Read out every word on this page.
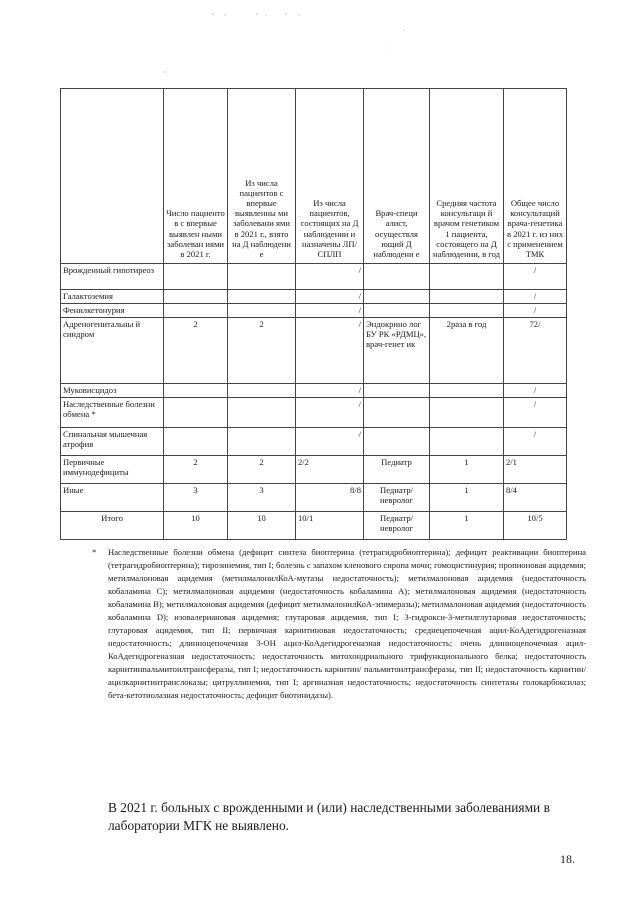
	Число пациенто в с впервые выявлен ными заболеван иями в 2021 г.	Из числа пациентов с впервые выявленны ми заболевани ями в 2021 г., взято на Д наблюдени е	Из числа пациентов, состоящих на Д наблюдении и назначены ЛП/СПЛП	Врач-специ алист, осуществля ющий Д наблюдени е	Средняя частота консультаци й врачом генетиком 1 пациента, состоящего на Д наблюдении, в год	Общее число консультаций врача-генетика в 2021 г. из них с применением ТМК
Врожденный гипотиреоз			/			/
Галактоземия			/			/
Фенилкетонурия			/			/
Адреногенитальны й синдром	2	2	/	Эндокрино лог БУ РК «РДМЦ», врач-генет ик	2раза в год	72/
Муковисцидоз			/			/
Наследственные болезни обмена *			/			/
Спинальная мышечная атрофия			/			/
Первичные иммунодефициты	2	2	2/2	Педиатр	1	2/1
Иные	3	3	8/8	Педиатр/ невролог	1	8/4
Итого	10	10	10/1	Педиатр/ невролог	1	10/5
* Наследственные болезни обмена (дефицит синтеза биоптерина (тетрагидробиоптерина); дефицит реактивации биоптерина (тетрагидробиоптерина); тирозинемия, тип I; болезнь с запахом кленового сиропа мочи; гомоцистинурия; пропионовая ацидемия; метилмалоновая ацидемия (метилмалонилКоА-мутазы недостаточность); метилмалоновая ацидемия (недостаточность кобаламина С); метилмалоновая ацидемия (недостаточность кобаламина А); метилмалоновая ацидемия (недостаточность кобаламина В); метилмалоновая ацидемия (дефицит метилмалонилКоА-эпимеразы); метилмалоновая ацидемия (недостаточность кобаламина D); изовалериановая ацидемия; глутаровая ацидемия, тип I; 3-гидрокси-3-метилглутаровая недостаточность; глутаровая ацидемия, тип II; первичная карнитиновая недостаточность; среднецепочечная ацил-КоАдегидрогеназная недостаточность; длинноцепочечная 3-ОН ацил-КоАдегидрогеназная недостаточность; очень длинноцепочечная ацил-КоАдегидрогеназная недостаточность; недостаточность митохондриального трифункционального белка; недостаточность карнитинпальмитоилтрансферазы, тип I; недостаточность карнитин/ пальмитоилтрансферазы, тип II; недостаточность карнитин/ацилкарнитинтранслоказы; цитруллинемия, тип I; аргиназная недостаточность; недостаточность синтетазы голокарбоксилаз; бета-кетотиолазная недостаточность; дефицит биотинидазы).
В 2021 г. больных с врожденными и (или) наследственными заболеваниями в лаборатории МГК не выявлено.
18.
